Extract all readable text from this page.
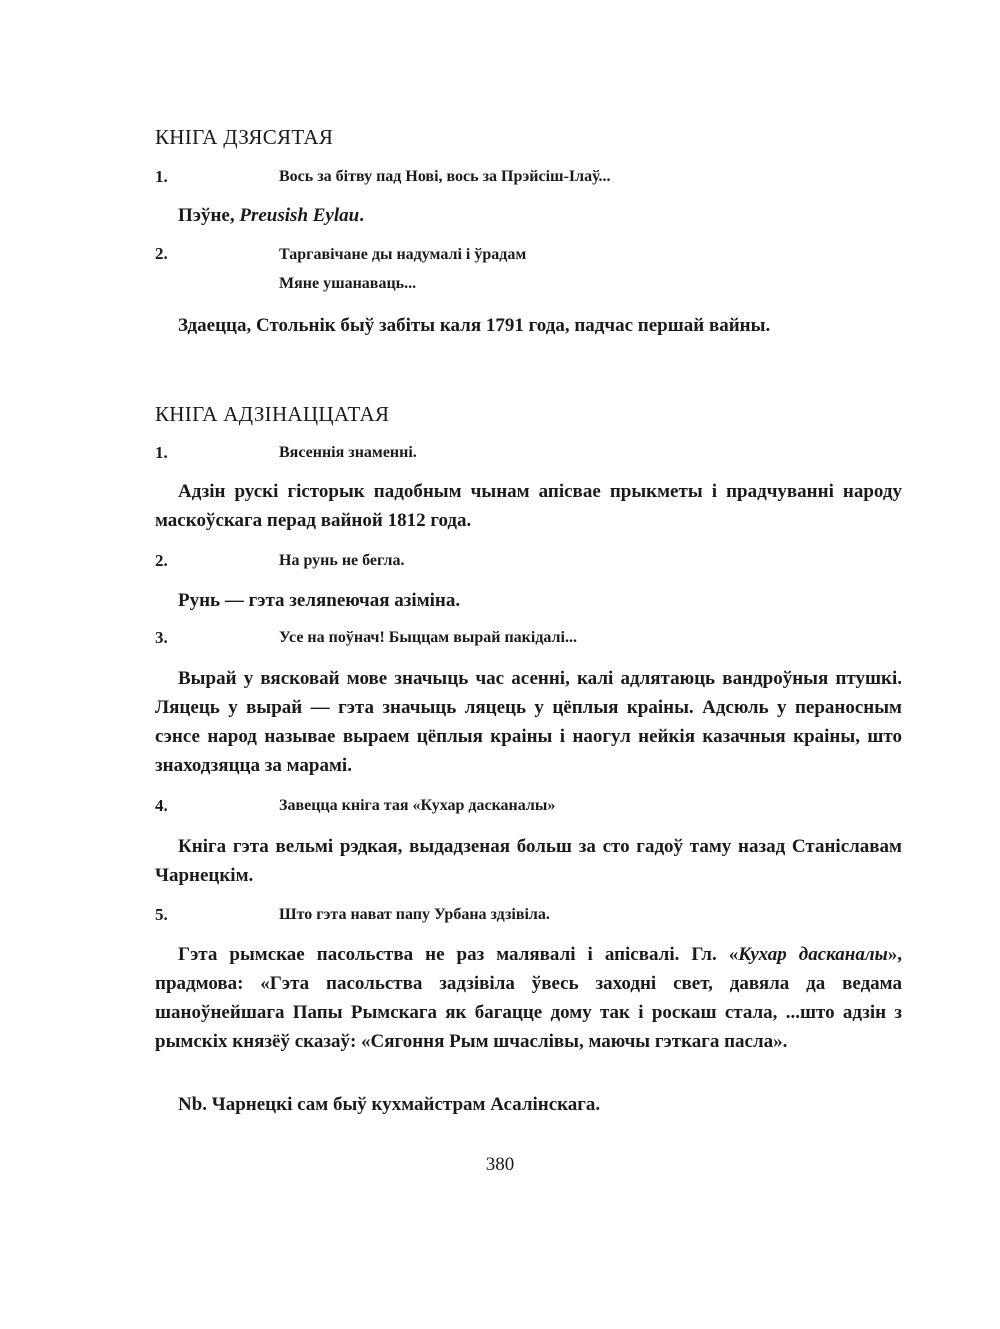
КНІГА ДЗЯСЯТАЯ
1.	Вось за бітву пад Нові, вось за Прэйсіш-Ілаў...
Пэўне, Preusish Eylau.
2.	Таргавічане ды надумалі і ўрадам
Мяне ушанаваць...
Здаецца, Стольнік быў забіты каля 1791 года, падчас першай вайны.
КНІГА АДЗІНАЦЦАТАЯ
1.	Вясеннія знаменні.
Адзін рускі гісторык падобным чынам апісвае прыкметы і прадчуванні народу маскоўскага перад вайной 1812 года.
2.	На рунь не бегла.
Рунь — гэта зеляneючая азіміна.
3.	Усе на поўнач! Быццам вырай пакідалі...
Вырай у вясковай мове значыць час асенні, калі адлятаюць вандроўныя птушкі. Ляцець у вырай — гэта значыць ляцець у цёплыя краіны. Адсюль у пераносным сэнсе народ называе выраем цёплыя краіны і наогул нейкія казачныя краіны, што знаходзяцца за марамі.
4.	Завецца кніга тая «Кухар дасканалы»
Кніга гэта вельмі рэдкая, выдадзеная больш за сто гадоў таму назад Станіславам Чарнецкім.
5.	Што гэта нават папу Урбана здзівіла.
Гэта рымскае пасольства не раз малявалі і апісвалі. Гл. «Кухар дасканалы», прадмова: «Гэта пасольства задзівіла ўвесь заходні свет, давяла да ведама шаноўнейшага Папы Рымскага як багацце дому так і роскаш стала, ...што адзін з рымскіх князёў сказаў: «Сягоння Рым шчаслівы, маючы гэткага пасла».
Nb. Чарнецкі сам быў кухмайстрам Асалінскага.
380
